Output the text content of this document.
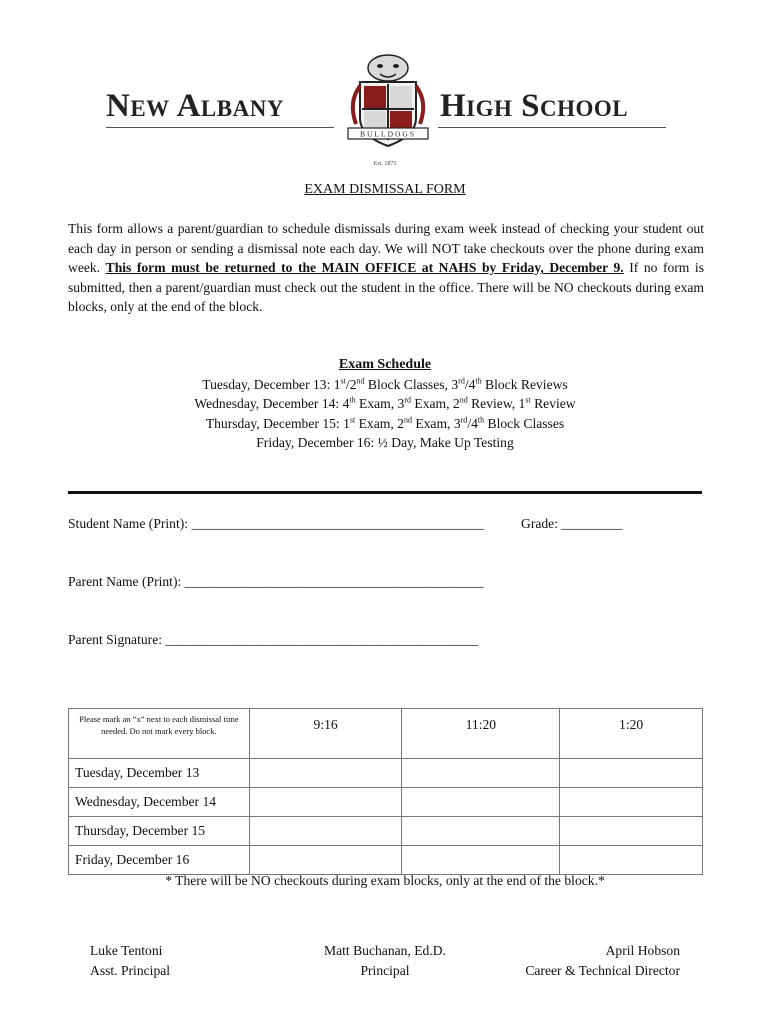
New Albany
BULLDOGS
High School
Est. 1875
EXAM DISMISSAL FORM
This form allows a parent/guardian to schedule dismissals during exam week instead of checking your student out each day in person or sending a dismissal note each day. We will NOT take checkouts over the phone during exam week. This form must be returned to the MAIN OFFICE at NAHS by Friday, December 9. If no form is submitted, then a parent/guardian must check out the student in the office. There will be NO checkouts during exam blocks, only at the end of the block.
Exam Schedule
Tuesday, December 13: 1st/2nd Block Classes, 3rd/4th Block Reviews
Wednesday, December 14: 4th Exam, 3rd Exam, 2nd Review, 1st Review
Thursday, December 15: 1st Exam, 2nd Exam, 3rd/4th Block Classes
Friday, December 16: ½ Day, Make Up Testing
Student Name (Print): ___________________________________________	Grade: _________
Parent Name (Print): ____________________________________________
Parent Signature: ______________________________________________
Please mark an “x” next to each dismissal time needed. Do not mark every block.	9:16	11:20	1:20
Tuesday, December 13			
Wednesday, December 14			
Thursday, December 15			
Friday, December 16			
* There will be NO checkouts during exam blocks, only at the end of the block.*
Luke Tentoni
Asst. Principal
Matt Buchanan, Ed.D.
Principal
April Hobson
Career & Technical Director
